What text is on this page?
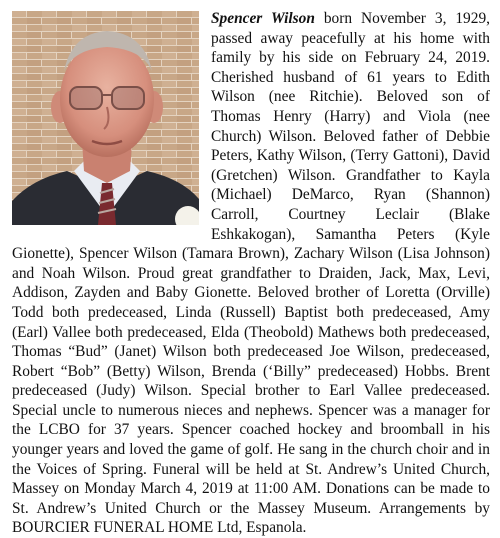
Spencer Wilson born November 3, 1929, passed away peacefully at his home with family by his side on February 24, 2019. Cherished husband of 61 years to Edith Wilson (nee Ritchie). Beloved son of Thomas Henry (Harry) and Viola (nee Church) Wilson. Beloved father of Debbie Peters, Kathy Wilson, (Terry Gattoni), David (Gretchen) Wilson. Grandfather to Kayla (Michael) DeMarco, Ryan (Shannon) Carroll, Courtney Leclair (Blake Eshkakogan), Samantha Peters (Kyle Gionette), Spencer Wilson (Tamara Brown), Zachary Wilson (Lisa Johnson) and Noah Wilson. Proud great grandfather to Draiden, Jack, Max, Levi, Addison, Zayden and Baby Gionette. Beloved brother of Loretta (Orville) Todd both predeceased, Linda (Russell) Baptist both predeceased, Amy (Earl) Vallee both predeceased, Elda (Theobold) Mathews both predeceased, Thomas “Bud” (Janet) Wilson both predeceased Joe Wilson, predeceased, Robert “Bob” (Betty) Wilson, Brenda (‘Billy” predeceased) Hobbs. Brent predeceased (Judy) Wilson. Special brother to Earl Vallee predeceased. Special uncle to numerous nieces and nephews. Spencer was a manager for the LCBO for 37 years. Spencer coached hockey and broomball in his younger years and loved the game of golf. He sang in the church choir and in the Voices of Spring. Funeral will be held at St. Andrew’s United Church, Massey on Monday March 4, 2019 at 11:00 AM. Donations can be made to St. Andrew’s United Church or the Massey Museum. Arrangements by BOURCIER FUNERAL HOME Ltd, Espanola.
